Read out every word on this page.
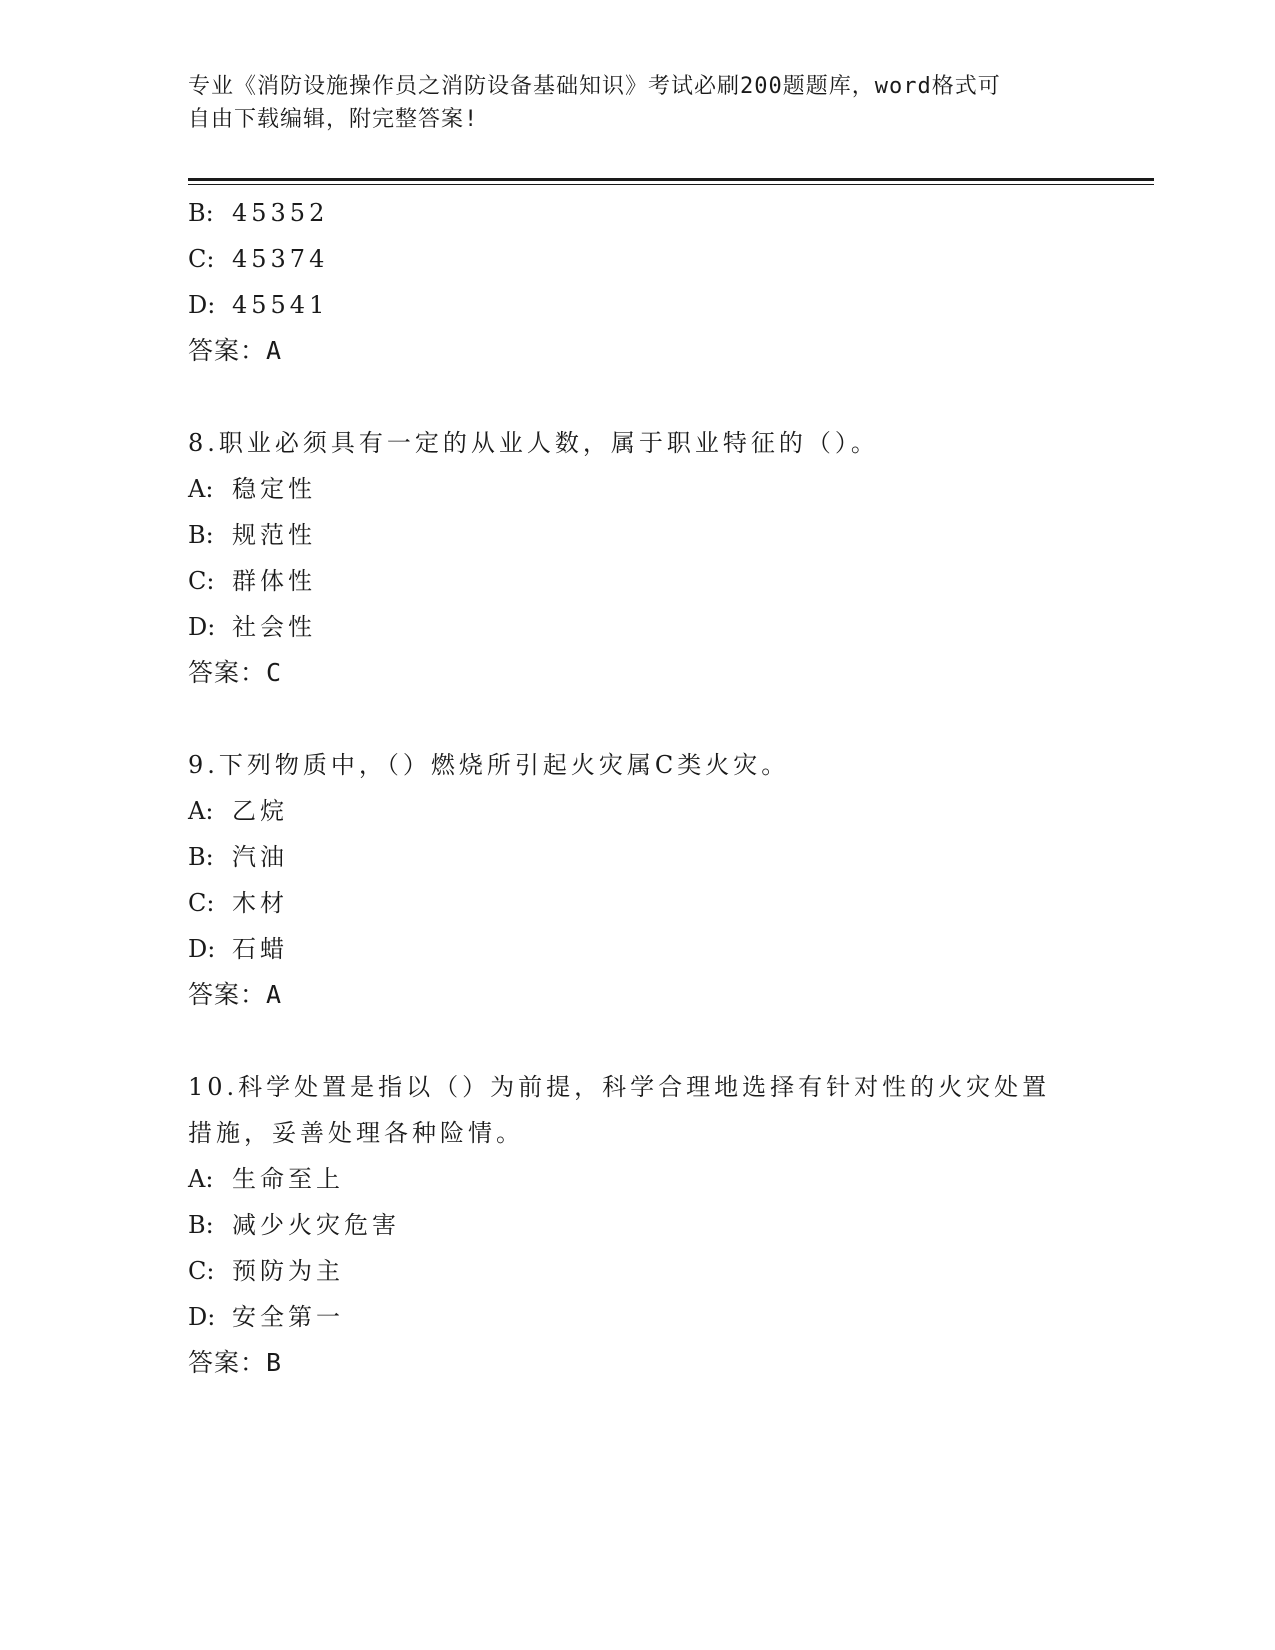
专业《消防设施操作员之消防设备基础知识》考试必刷200题题库，word格式可
自由下载编辑，附完整答案!
B: 45352
C: 45374
D: 45541
答案：A
8.职业必须具有一定的从业人数，属于职业特征的（）。
A: 稳定性
B: 规范性
C: 群体性
D: 社会性
答案：C
9.下列物质中，（）燃烧所引起火灾属C类火灾。
A: 乙烷
B: 汽油
C: 木材
D: 石蜡
答案：A
10.科学处置是指以（）为前提，科学合理地选择有针对性的火灾处置
措施，妥善处理各种险情。
A: 生命至上
B: 减少火灾危害
C: 预防为主
D: 安全第一
答案：B
